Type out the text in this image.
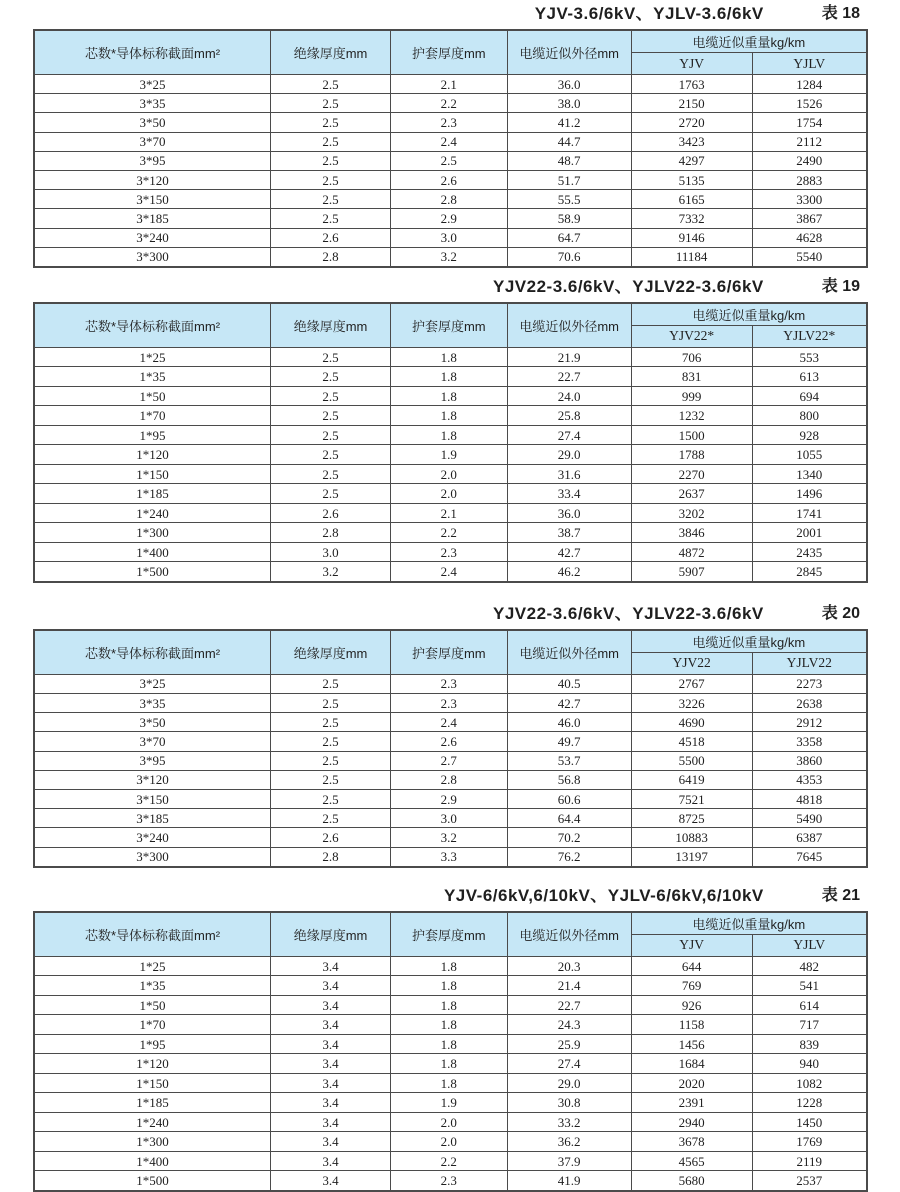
YJV-3.6/6kV、YJLV-3.6/6kV	表 18
芯数*导体标称截面mm²	绝缘厚度mm	护套厚度mm	电缆近似外径mm	电缆近似重量kg/km	
				YJV	YJLV
3*25	2.5	2.1	36.0	1763	1284
3*35	2.5	2.2	38.0	2150	1526
3*50	2.5	2.3	41.2	2720	1754
3*70	2.5	2.4	44.7	3423	2112
3*95	2.5	2.5	48.7	4297	2490
3*120	2.5	2.6	51.7	5135	2883
3*150	2.5	2.8	55.5	6165	3300
3*185	2.5	2.9	58.9	7332	3867
3*240	2.6	3.0	64.7	9146	4628
3*300	2.8	3.2	70.6	11184	5540
YJV22-3.6/6kV、YJLV22-3.6/6kV	表 19
芯数*导体标称截面mm²	绝缘厚度mm	护套厚度mm	电缆近似外径mm	电缆近似重量kg/km	
				YJV22*	YJLV22*
1*25	2.5	1.8	21.9	706	553
1*35	2.5	1.8	22.7	831	613
1*50	2.5	1.8	24.0	999	694
1*70	2.5	1.8	25.8	1232	800
1*95	2.5	1.8	27.4	1500	928
1*120	2.5	1.9	29.0	1788	1055
1*150	2.5	2.0	31.6	2270	1340
1*185	2.5	2.0	33.4	2637	1496
1*240	2.6	2.1	36.0	3202	1741
1*300	2.8	2.2	38.7	3846	2001
1*400	3.0	2.3	42.7	4872	2435
1*500	3.2	2.4	46.2	5907	2845
YJV22-3.6/6kV、YJLV22-3.6/6kV	表 20
芯数*导体标称截面mm²	绝缘厚度mm	护套厚度mm	电缆近似外径mm	电缆近似重量kg/km	
				YJV22	YJLV22
3*25	2.5	2.3	40.5	2767	2273
3*35	2.5	2.3	42.7	3226	2638
3*50	2.5	2.4	46.0	4690	2912
3*70	2.5	2.6	49.7	4518	3358
3*95	2.5	2.7	53.7	5500	3860
3*120	2.5	2.8	56.8	6419	4353
3*150	2.5	2.9	60.6	7521	4818
3*185	2.5	3.0	64.4	8725	5490
3*240	2.6	3.2	70.2	10883	6387
3*300	2.8	3.3	76.2	13197	7645
YJV-6/6kV,6/10kV、YJLV-6/6kV,6/10kV	表 21
芯数*导体标称截面mm²	绝缘厚度mm	护套厚度mm	电缆近似外径mm	电缆近似重量kg/km	
				YJV	YJLV
1*25	3.4	1.8	20.3	644	482
1*35	3.4	1.8	21.4	769	541
1*50	3.4	1.8	22.7	926	614
1*70	3.4	1.8	24.3	1158	717
1*95	3.4	1.8	25.9	1456	839
1*120	3.4	1.8	27.4	1684	940
1*150	3.4	1.8	29.0	2020	1082
1*185	3.4	1.9	30.8	2391	1228
1*240	3.4	2.0	33.2	2940	1450
1*300	3.4	2.0	36.2	3678	1769
1*400	3.4	2.2	37.9	4565	2119
1*500	3.4	2.3	41.9	5680	2537
